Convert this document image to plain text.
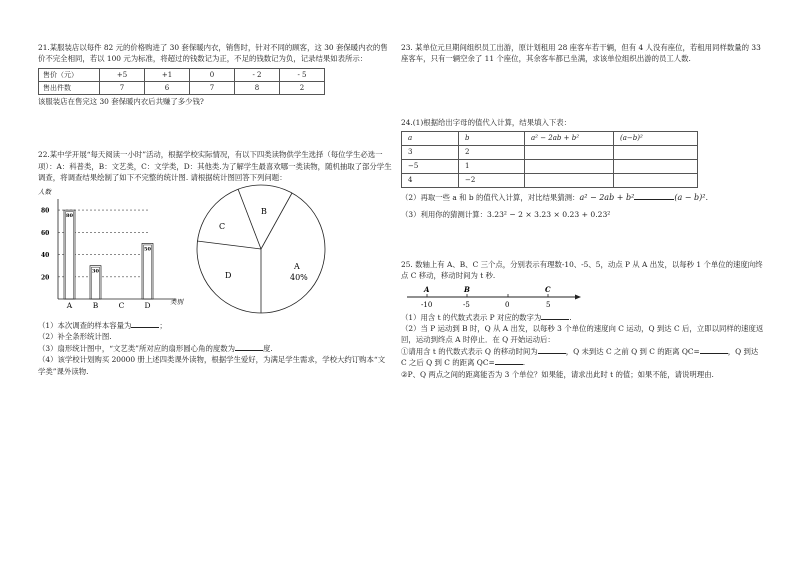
21.某服装店以每件 82 元的价格购进了 30 套保暖内衣，销售时，针对不同的顾客，这 30 套保暖内衣的售价不完全相同，若以 100 元为标准，将超过的钱数记为正，不足的钱数记为负，记录结果如表所示：

售价（元）	+5	+1	0	- 2	- 5
售出件数	7	6	7	8	2

该服装店在售完这 30 套保暖内衣后共赚了多少钱?

22.某中学开展“每天阅读一小时”活动，根据学校实际情况，有以下四类读物供学生选择（每位学生必选一项）：A：科普类，B：文艺类，C：文学类，D：其他类.为了解学生最喜欢哪一类读物，随机抽取了部分学生调查，将调查结果绘制了如下不完整的统计图. 请根据统计图回答下列问题：

人数
类别
20
40
60
80
80
A
30
B	C
50
D
B
C
D
A
40%

（1）本次调查的样本容量为	；

（2）补全条形统计图.

（3）扇形统计图中，“文艺类”所对应的扇形圆心角的度数为	度.

（4）该学校计划购买 20000 册上述四类课外读物，根据学生爱好，为满足学生需求，学校大约订购本“文学类”课外读物.

23. 某单位元旦期间组织员工出游，原计划租用 28 座客车若干辆，但有 4 人没有座位，若租用同样数量的 33 座客车，只有一辆空余了 11 个座位，其余客车都已坐满，求该单位组织出游的员工人数.

24.(1)根据给出字母的值代入计算，结果填入下表：

a	b	a² − 2ab + b²	(a−b)²
3	2		
−5	1		
4	−2		

（2）再取一些 a 和 b 的值代入计算，对比结果猜测：a² − 2ab + b²	(a − b)².

（3）利用你的猜测计算：3.23² − 2 × 3.23 × 0.23 + 0.23²

25. 数轴上有 A、B、C 三个点，分别表示有理数-10、-5、5，动点 P 从 A 出发，以每秒 1 个单位的速度向终点 C 移动，移动时间为 t 秒.

A	B	C
-10	-5	0	5

（1）用含 t 的代数式表示 P 对应的数字为	.

（2）当 P 运动到 B 时，Q 从 A 出发，以每秒 3 个单位的速度向 C 运动，Q 到达 C 后，立即以同样的速度返回，运动到终点 A 时停止．在 Q 开始运动后：

①请用含 t 的代数式表示 Q 的移动时间为	，Q 未到达 C 之前 Q 到 C 的距离 QC=	，Q 到达 C 之后 Q 到 C 的距离 QC=	.

②P、Q 两点之间的距离能否为 3 个单位？如果能，请求出此时 t 的值；如果不能，请说明理由.
